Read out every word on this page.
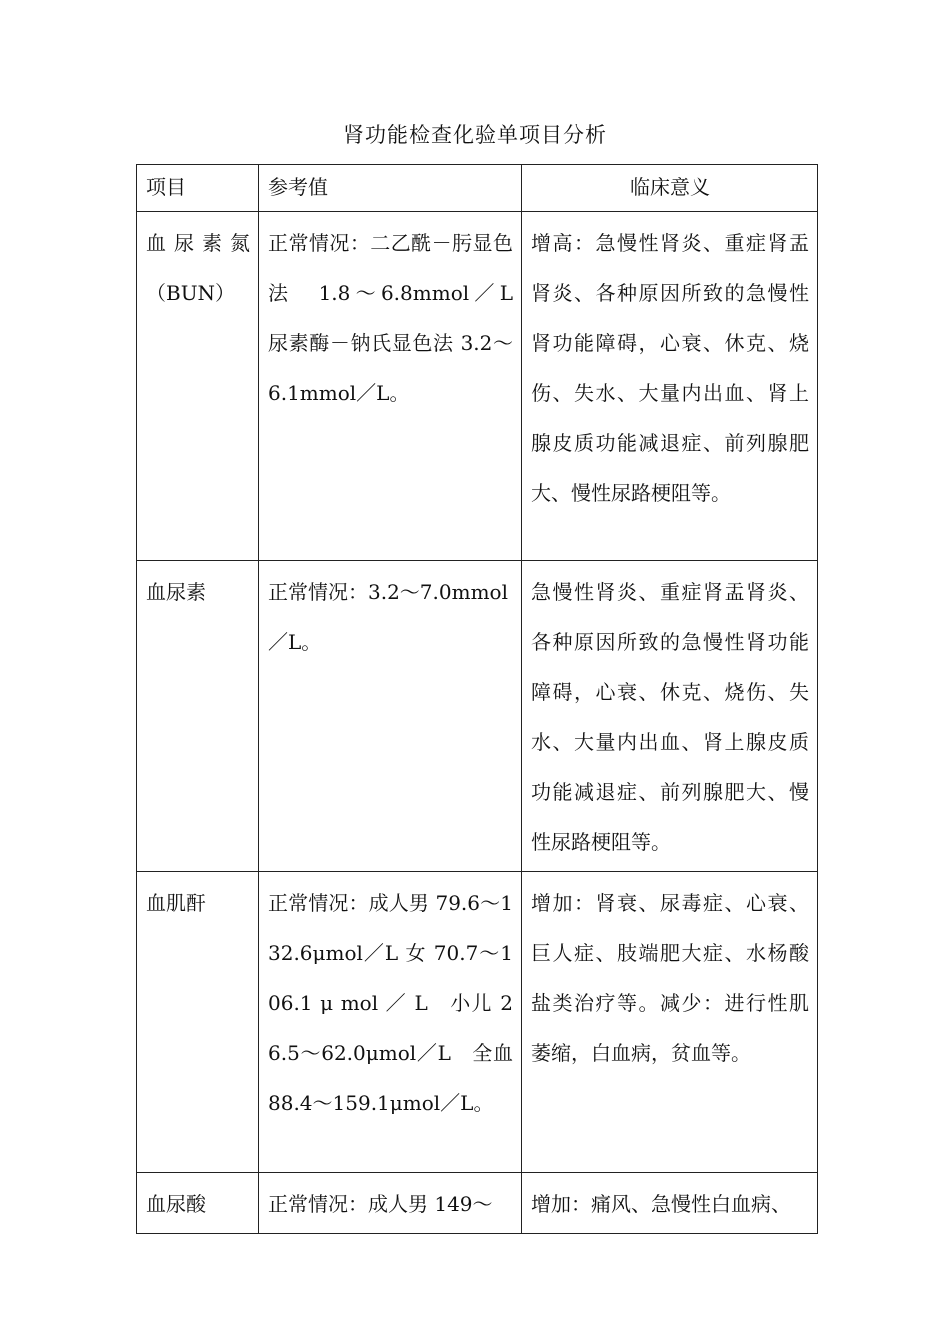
肾功能检查化验单项目分析
项目	参考值	临床意义
血尿素氮（BUN）	正常情况：二乙酰－肟显色法　1.8～6.8mmol／L　尿素酶－钠氏显色法 3.2～6.1mmol／L。	增高：急慢性肾炎、重症肾盂肾炎、各种原因所致的急慢性肾功能障碍，心衰、休克、烧伤、失水、大量内出血、肾上腺皮质功能减退症、前列腺肥大、慢性尿路梗阻等。
血尿素	正常情况：3.2～7.0mmol／L。	急慢性肾炎、重症肾盂肾炎、各种原因所致的急慢性肾功能障碍，心衰、休克、烧伤、失水、大量内出血、肾上腺皮质功能减退症、前列腺肥大、慢性尿路梗阻等。
血肌酐	正常情况：成人男 79.6～132.6μmol／L 女 70.7～106.1 μ mol ／ L　小儿 26.5～62.0μmol／L　全血 88.4～159.1μmol／L。	增加：肾衰、尿毒症、心衰、巨人症、肢端肥大症、水杨酸盐类治疗等。减少：进行性肌萎缩，白血病，贫血等。
血尿酸	正常情况：成人男 149～	增加：痛风、急慢性白血病、
